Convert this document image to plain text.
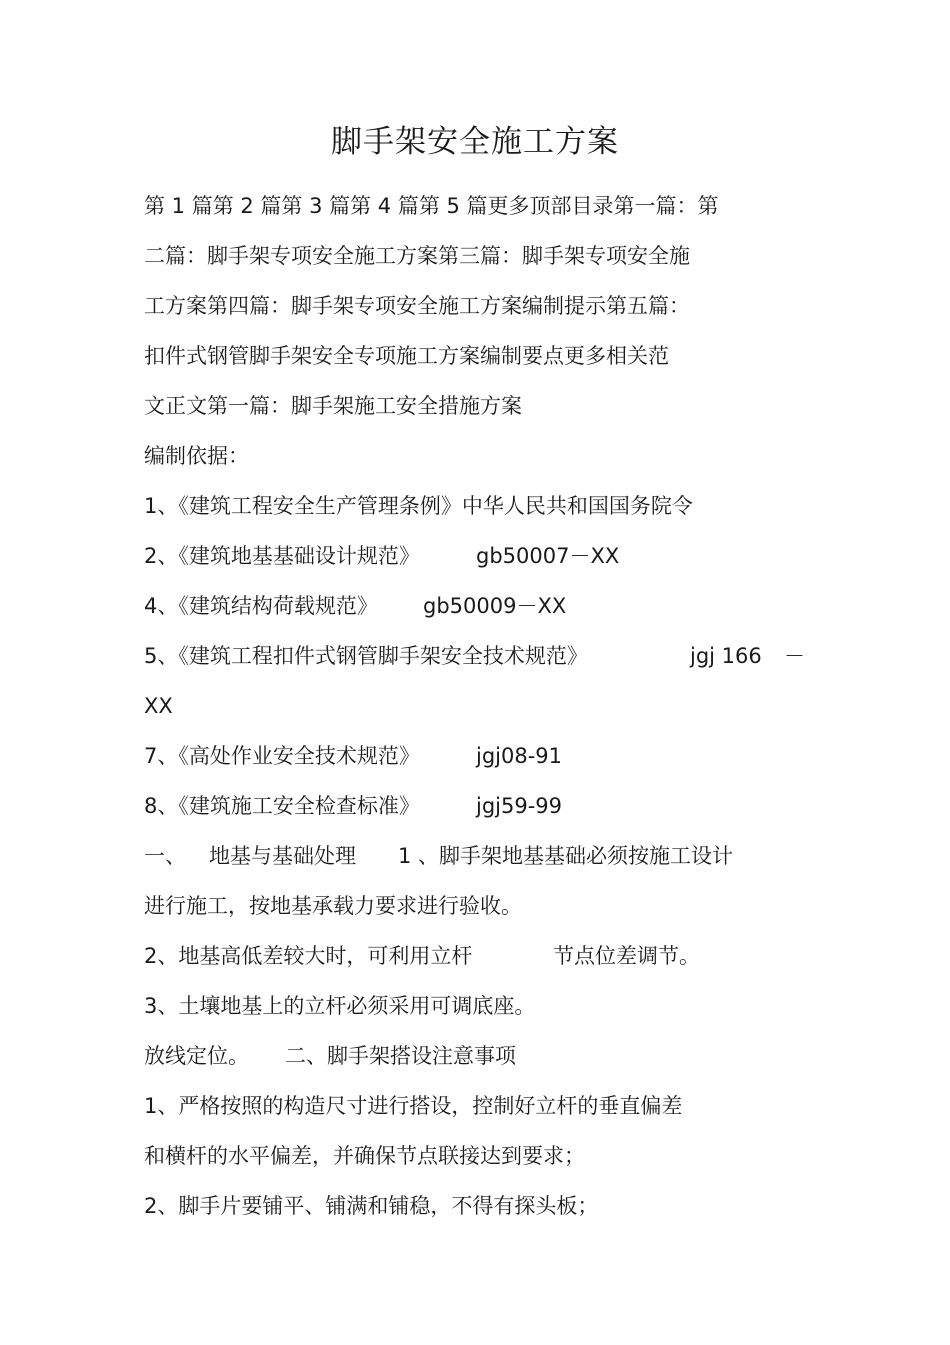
脚手架安全施工方案
第 1 篇第 2 篇第 3 篇第 4 篇第 5 篇更多顶部目录第一篇：第
二篇：脚手架专项安全施工方案第三篇：脚手架专项安全施
工方案第四篇：脚手架专项安全施工方案编制提示第五篇：
扣件式钢管脚手架安全专项施工方案编制要点更多相关范
文正文第一篇：脚手架施工安全措施方案
编制依据：
1、《建筑工程安全生产管理条例》中华人民共和国国务院令
2、《建筑地基基础设计规范》	gb50007－XX
4、《建筑结构荷载规范》 gb50009－XX
5、《建筑工程扣件式钢管脚手架安全技术规范》	jgj 166 －
XX
7、《高处作业安全技术规范》	jgj08-91
8、《建筑施工安全检查标准》	jgj59-99
一、 地基与基础处理 1 、脚手架地基基础必须按施工设计
进行施工，按地基承载力要求进行验收。
2、地基高低差较大时，可利用立杆	节点位差调节。
3、土壤地基上的立杆必须采用可调底座。
放线定位。 二、脚手架搭设注意事项
1、严格按照的构造尺寸进行搭设，控制好立杆的垂直偏差
和横杆的水平偏差，并确保节点联接达到要求；
2、脚手片要铺平、铺满和铺稳，不得有探头板；
